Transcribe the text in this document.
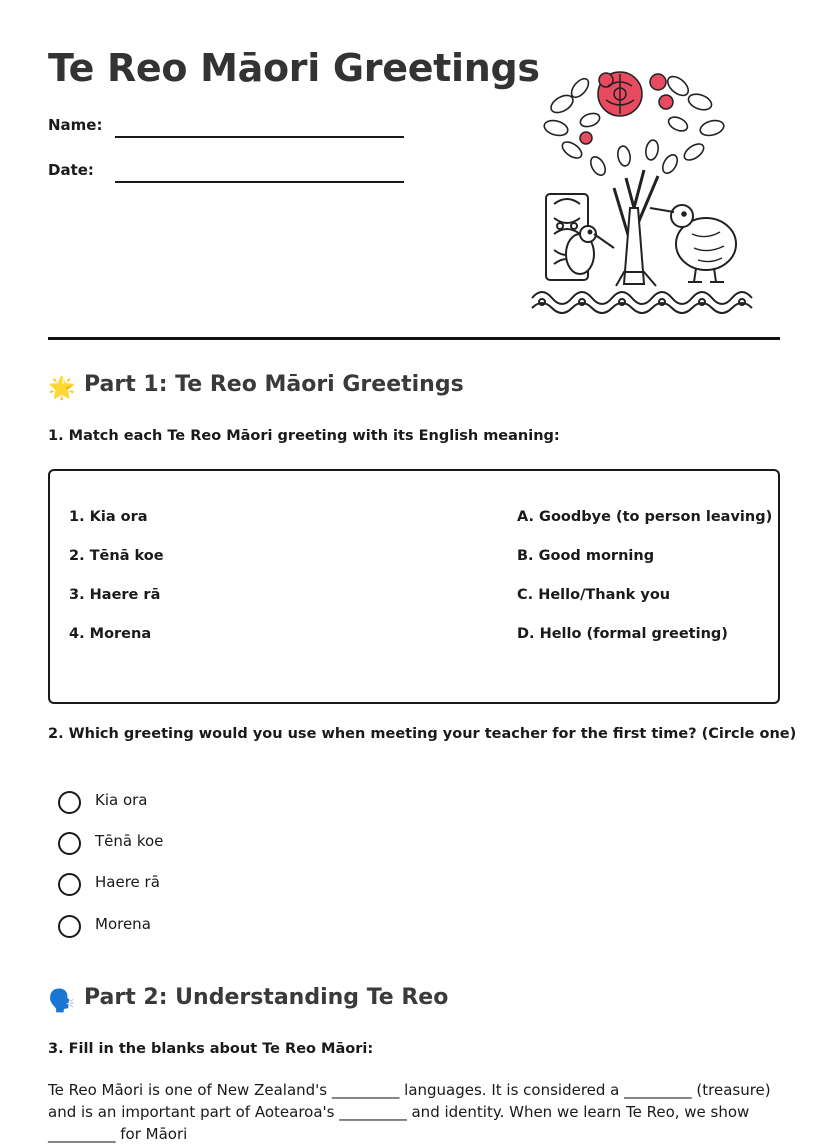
Te Reo Māori Greetings
Name:
Date:
🌟 Part 1: Te Reo Māori Greetings
1. Match each Te Reo Māori greeting with its English meaning:
1. Kia ora
2. Tēnā koe
3. Haere rā
4. Morena
A. Goodbye (to person leaving)
B. Good morning
C. Hello/Thank you
D. Hello (formal greeting)
2. Which greeting would you use when meeting your teacher for the first time? (Circle one)
Kia ora
Tēnā koe
Haere rā
Morena
🗣️ Part 2: Understanding Te Reo
3. Fill in the blanks about Te Reo Māori:

Te Reo Māori is one of New Zealand's _________ languages. It is considered a _________ (treasure) and is an important part of Aotearoa's _________ and identity. When we learn Te Reo, we show _________ for Māori
